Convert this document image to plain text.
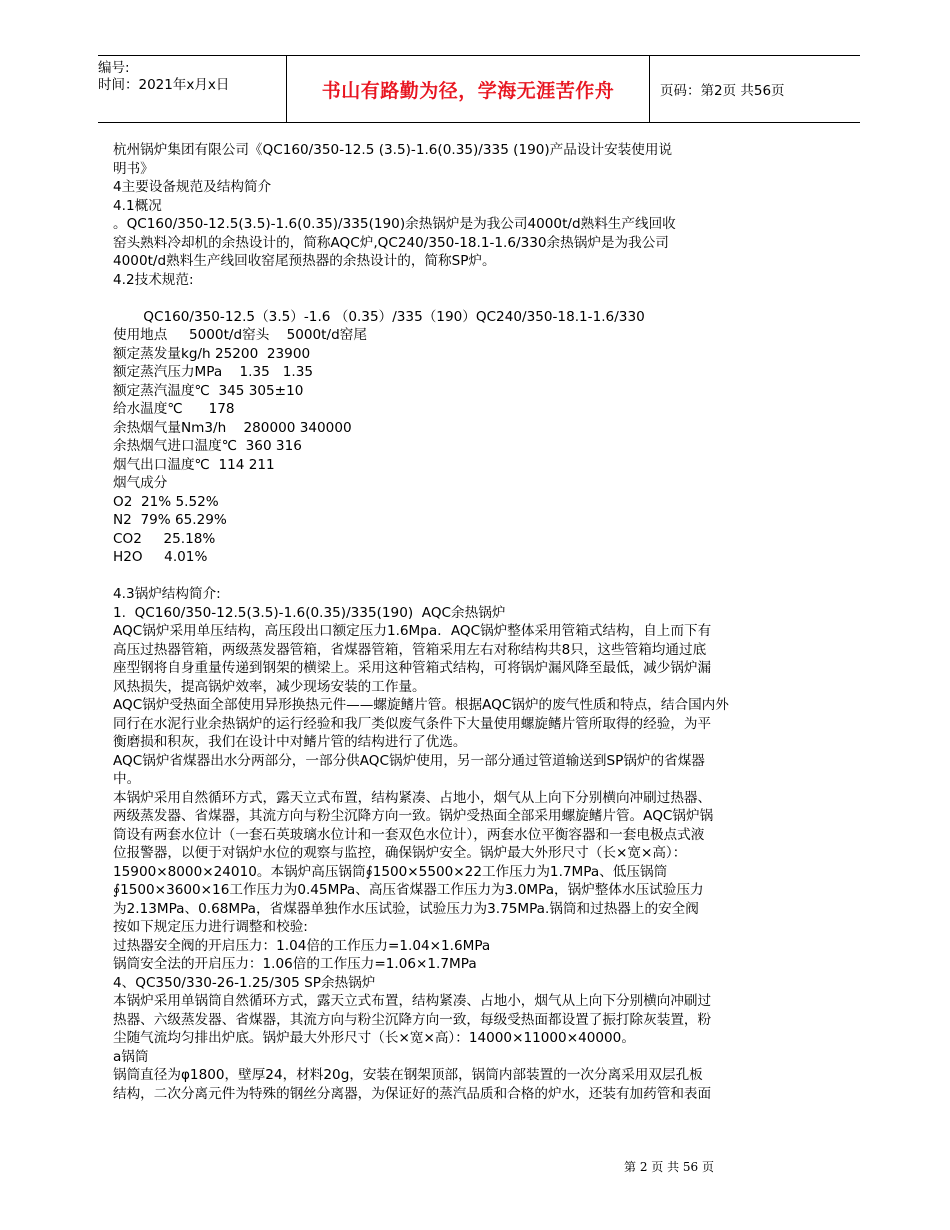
编号:
时间：2021年x月x日	书山有路勤为径，学海无涯苦作舟	页码：第2页 共56页
杭州锅炉集团有限公司《QC160/350-12.5 (3.5)-1.6(0.35)/335 (190)产品设计安装使用说
明书》
4主要设备规范及结构简介
4.1概况
。QC160/350-12.5(3.5)-1.6(0.35)/335(190)余热锅炉是为我公司4000t/d熟料生产线回收
窑头熟料冷却机的余热设计的，简称AQC炉,QC240/350-18.1-1.6/330余热锅炉是为我公司
4000t/d熟料生产线回收窑尾预热器的余热设计的，简称SP炉。
4.2技术规范:
QC160/350-12.5（3.5）-1.6 （0.35）/335（190）QC240/350-18.1-1.6/330
使用地点     5000t/d窑头    5000t/d窑尾
额定蒸发量kg/h 25200  23900
额定蒸汽压力MPa    1.35   1.35
额定蒸汽温度℃  345 305±10
给水温度℃      178
余热烟气量Nm3/h    280000 340000
余热烟气进口温度℃  360 316
烟气出口温度℃  114 211
烟气成分
O2  21% 5.52%
N2  79% 65.29%
CO2     25.18%
H2O     4.01%
4.3锅炉结构简介:
1.  QC160/350-12.5(3.5)-1.6(0.35)/335(190)  AQC余热锅炉
AQC锅炉采用单压结构，高压段出口额定压力1.6Mpa．AQC锅炉整体采用管箱式结构，自上而下有
高压过热器管箱，两级蒸发器管箱，省煤器管箱，管箱采用左右对称结构共8只，这些管箱均通过底
座型钢将自身重量传递到钢架的横梁上。采用这种管箱式结构，可将锅炉漏风降至最低，减少锅炉漏
风热损失，提高锅炉效率，减少现场安装的工作量。
AQC锅炉受热面全部使用异形换热元件——螺旋鳍片管。根据AQC锅炉的废气性质和特点，结合国内外
同行在水泥行业余热锅炉的运行经验和我厂类似废气条件下大量使用螺旋鳍片管所取得的经验，为平
衡磨损和积灰，我们在设计中对鳍片管的结构进行了优选。
AQC锅炉省煤器出水分两部分，一部分供AQC锅炉使用，另一部分通过管道输送到SP锅炉的省煤器
中。
本锅炉采用自然循环方式，露天立式布置，结构紧凑、占地小，烟气从上向下分别横向冲刷过热器、
两级蒸发器、省煤器，其流方向与粉尘沉降方向一致。锅炉受热面全部采用螺旋鳍片管。AQC锅炉锅
筒设有两套水位计（一套石英玻璃水位计和一套双色水位计），两套水位平衡容器和一套电极点式液
位报警器，以便于对锅炉水位的观察与监控，确保锅炉安全。锅炉最大外形尺寸（长×宽×高）：
15900×8000×24010。本锅炉高压锅筒∮1500×5500×22工作压力为1.7MPa、低压锅筒
∮1500×3600×16工作压力为0.45MPa、高压省煤器工作压力为3.0MPa，锅炉整体水压试验压力
为2.13MPa、0.68MPa，省煤器单独作水压试验，试验压力为3.75MPa.锅筒和过热器上的安全阀
按如下规定压力进行调整和校验:
过热器安全阀的开启压力：1.04倍的工作压力=1.04×1.6MPa
锅筒安全法的开启压力：1.06倍的工作压力=1.06×1.7MPa
4、QC350/330-26-1.25/305 SP余热锅炉
本锅炉采用单锅筒自然循环方式，露天立式布置，结构紧凑、占地小，烟气从上向下分别横向冲刷过
热器、六级蒸发器、省煤器，其流方向与粉尘沉降方向一致，每级受热面都设置了振打除灰装置，粉
尘随气流均匀排出炉底。锅炉最大外形尺寸（长×宽×高）：14000×11000×40000。
a锅筒
锅筒直径为φ1800，壁厚24，材料20g，安装在钢架顶部，锅筒内部装置的一次分离采用双层孔板
结构，二次分离元件为特殊的钢丝分离器，为保证好的蒸汽品质和合格的炉水，还装有加药管和表面
第 2 页 共 56 页
